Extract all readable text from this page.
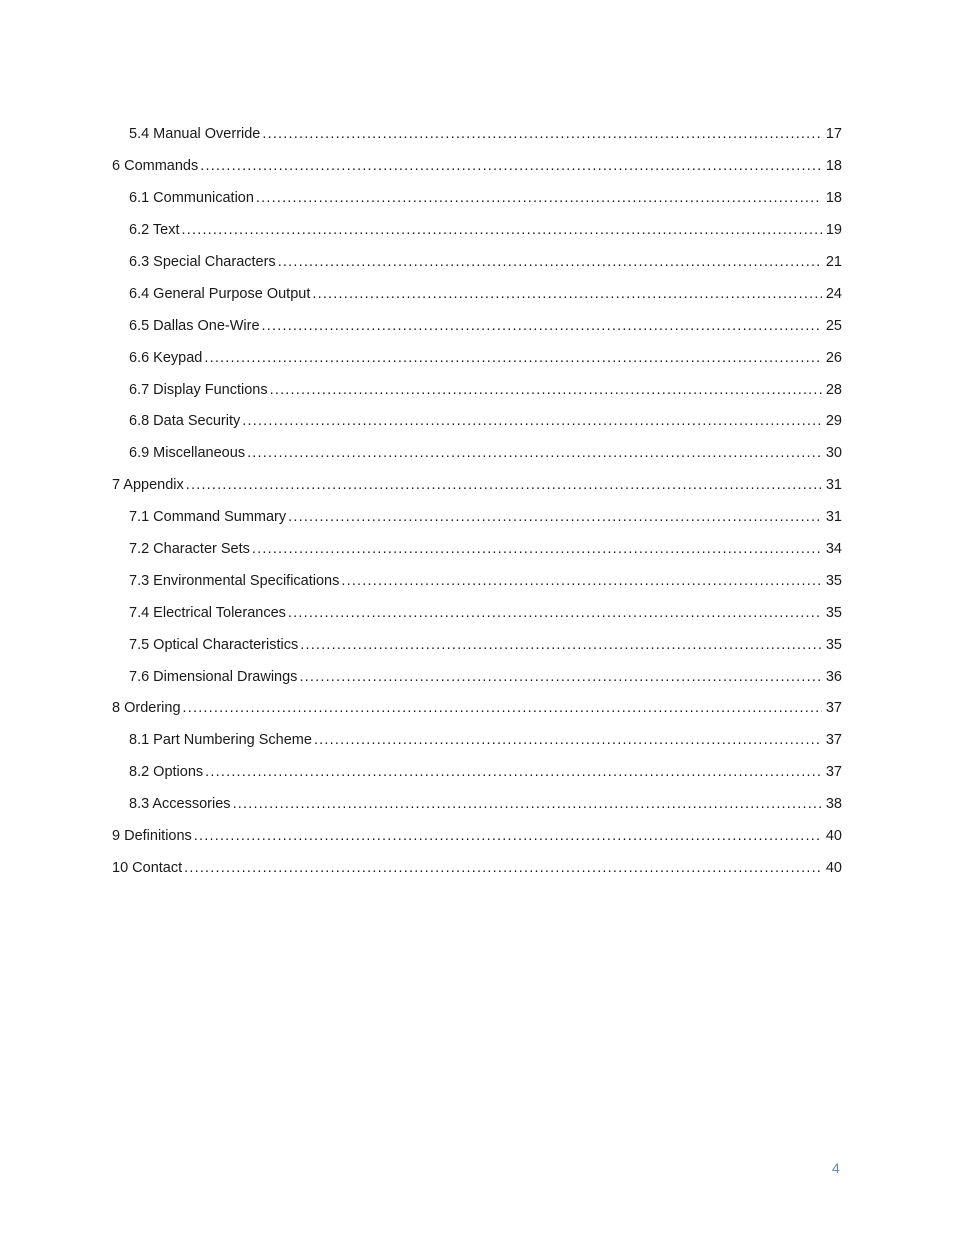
5.4 Manual Override .....	17
6 Commands .....	18
6.1 Communication .....	18
6.2 Text .....	19
6.3 Special Characters .....	21
6.4 General Purpose Output .....	24
6.5 Dallas One-Wire .....	25
6.6 Keypad .....	26
6.7 Display Functions .....	28
6.8 Data Security .....	29
6.9 Miscellaneous .....	30
7 Appendix .....	31
7.1 Command Summary .....	31
7.2 Character Sets .....	34
7.3 Environmental Specifications .....	35
7.4 Electrical Tolerances .....	35
7.5 Optical Characteristics .....	35
7.6 Dimensional Drawings .....	36
8 Ordering .....	37
8.1 Part Numbering Scheme .....	37
8.2 Options .....	37
8.3 Accessories .....	38
9 Definitions .....	40
10 Contact .....	40
4
